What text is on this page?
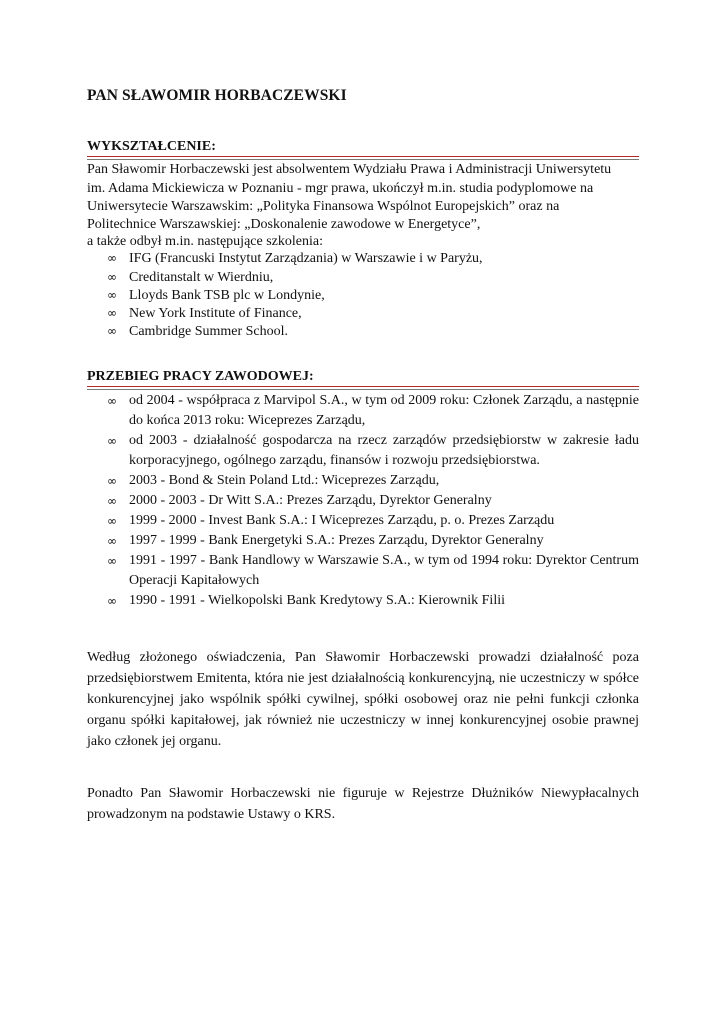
PAN SŁAWOMIR HORBACZEWSKI
WYKSZTAŁCENIE:
Pan Sławomir Horbaczewski jest absolwentem Wydziału Prawa i Administracji Uniwersytetu
im. Adama Mickiewicza w Poznaniu - mgr prawa, ukończył m.in. studia podyplomowe na
Uniwersytecie Warszawskim: „Polityka Finansowa Wspólnot Europejskich” oraz na
Politechnice Warszawskiej: „Doskonalenie zawodowe w Energetyce”,
a także odbył m.in. następujące szkolenia:
∞ IFG (Francuski Instytut Zarządzania) w Warszawie i w Paryżu,
∞ Creditanstalt w Wierdniu,
∞ Lloyds Bank TSB plc w Londynie,
∞ New York Institute of Finance,
∞ Cambridge Summer School.
PRZEBIEG PRACY ZAWODOWEJ:
∞ od 2004 - współpraca z Marvipol S.A., w tym od 2009 roku: Członek Zarządu, a następnie do końca 2013 roku: Wiceprezes Zarządu,
∞ od 2003 - działalność gospodarcza na rzecz zarządów przedsiębiorstw w zakresie ładu korporacyjnego, ogólnego zarządu, finansów i rozwoju przedsiębiorstwa.
∞ 2003 - Bond & Stein Poland Ltd.: Wiceprezes Zarządu,
∞ 2000 - 2003 - Dr Witt S.A.: Prezes Zarządu, Dyrektor Generalny
∞ 1999 - 2000 - Invest Bank S.A.: I Wiceprezes Zarządu, p. o. Prezes Zarządu
∞ 1997 - 1999 - Bank Energetyki S.A.: Prezes Zarządu, Dyrektor Generalny
∞ 1991 - 1997 - Bank Handlowy w Warszawie S.A., w tym od 1994 roku: Dyrektor Centrum Operacji Kapitałowych
∞ 1990 - 1991 - Wielkopolski Bank Kredytowy S.A.: Kierownik Filii

Według złożonego oświadczenia, Pan Sławomir Horbaczewski prowadzi działalność poza przedsiębiorstwem Emitenta, która nie jest działalnością konkurencyjną, nie uczestniczy w spółce konkurencyjnej jako wspólnik spółki cywilnej, spółki osobowej oraz nie pełni funkcji członka organu spółki kapitałowej, jak również nie uczestniczy w innej konkurencyjnej osobie prawnej jako członek jej organu.

Ponadto Pan Sławomir Horbaczewski nie figuruje w Rejestrze Dłużników Niewypłacalnych prowadzonym na podstawie Ustawy o KRS.
